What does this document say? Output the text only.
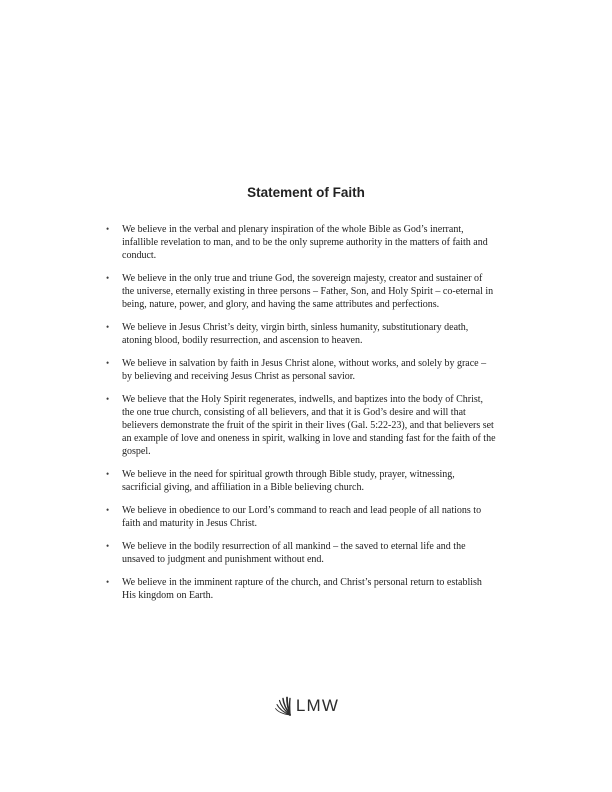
Statement of Faith
• We believe in the verbal and plenary inspiration of the whole Bible as God’s inerrant, infallible revelation to man, and to be the only supreme authority in the matters of faith and conduct.
• We believe in the only true and triune God, the sovereign majesty, creator and sustainer of the universe, eternally existing in three persons – Father, Son, and Holy Spirit – co-eternal in being, nature, power, and glory, and having the same attributes and perfections.
• We believe in Jesus Christ’s deity, virgin birth, sinless humanity, substitutionary death, atoning blood, bodily resurrection, and ascension to heaven.
• We believe in salvation by faith in Jesus Christ alone, without works, and solely by grace – by believing and receiving Jesus Christ as personal savior.
• We believe that the Holy Spirit regenerates, indwells, and baptizes into the body of Christ, the one true church, consisting of all believers, and that it is God’s desire and will that believers demonstrate the fruit of the spirit in their lives (Gal. 5:22-23), and that believers set an example of love and oneness in spirit, walking in love and standing fast for the faith of the gospel.
• We believe in the need for spiritual growth through Bible study, prayer, witnessing, sacrificial giving, and affiliation in a Bible believing church.
• We believe in obedience to our Lord’s command to reach and lead people of all nations to faith and maturity in Jesus Christ.
• We believe in the bodily resurrection of all mankind – the saved to eternal life and the unsaved to judgment and punishment without end.
• We believe in the imminent rapture of the church, and Christ’s personal return to establish His kingdom on Earth.
LMW
